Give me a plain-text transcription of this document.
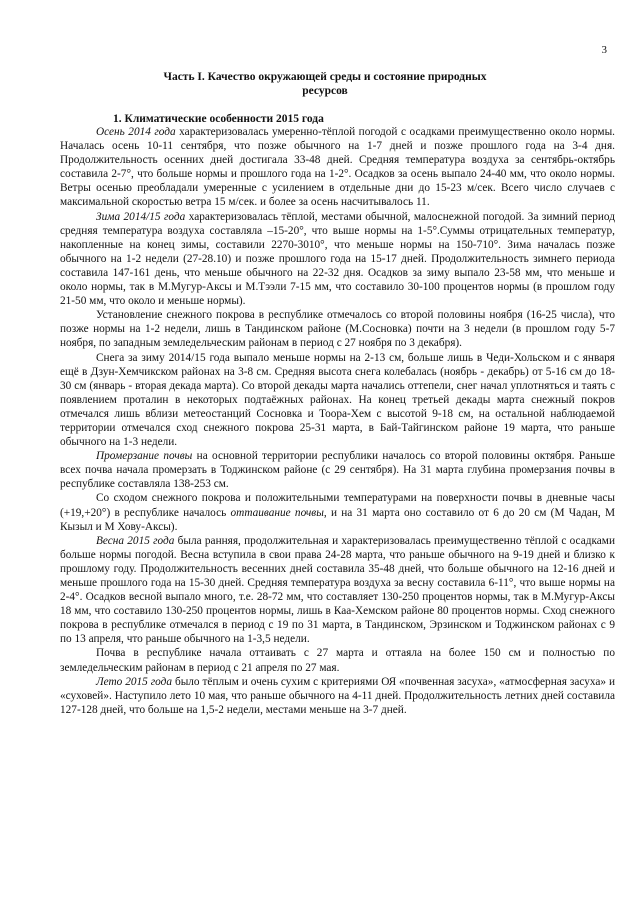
3
Часть I. Качество окружающей среды и состояние природных
ресурсов
1. Климатические особенности 2015 года

Осень 2014 года характеризовалась умеренно-тёплой погодой с осадками преимущественно около нормы. Началась осень 10-11 сентября, что позже обычного на 1-7 дней и позже прошлого года на 3-4 дня. Продолжительность осенних дней достигала 33-48 дней. Средняя температура воздуха за сентябрь-октябрь составила 2-7°, что больше нормы и прошлого года на 1-2°. Осадков за осень выпало 24-40 мм, что около нормы. Ветры осенью преобладали умеренные с усилением в отдельные дни до 15-23 м/сек. Всего число случаев с максимальной скоростью ветра 15 м/сек. и более за осень насчитывалось 11.

Зима 2014/15 года характеризовалась тёплой, местами обычной, малоснежной погодой. За зимний период средняя температура воздуха составляла –15-20°, что выше нормы на 1-5°.Суммы отрицательных температур, накопленные на конец зимы, составили 2270-3010°, что меньше нормы на 150-710°. Зима началась позже обычного на 1-2 недели (27-28.10) и позже прошлого года на 15-17 дней. Продолжительность зимнего периода составила 147-161 день, что меньше обычного на 22-32 дня. Осадков за зиму выпало 23-58 мм, что меньше и около нормы, так в М.Мугур-Аксы и М.Тээли 7-15 мм, что составило 30-100 процентов нормы (в прошлом году 21-50 мм, что около и меньше нормы).

Установление снежного покрова в республике отмечалось со второй половины ноября (16-25 числа), что позже нормы на 1-2 недели, лишь в Тандинском районе (М.Сосновка) почти на 3 недели (в прошлом году 5-7 ноября, по западным земледельческим районам в период с 27 ноября по 3 декабря).

Снега за зиму 2014/15 года выпало меньше нормы на 2-13 см, больше лишь в Чеди-Хольском и с января ещё в Дзун-Хемчикском районах на 3-8 см. Средняя высота снега колебалась (ноябрь - декабрь) от 5-16 см до 18-30 см (январь - вторая декада марта). Со второй декады марта начались оттепели, снег начал уплотняться и таять с появлением проталин в некоторых подтаёжных районах. На конец третьей декады марта снежный покров отмечался лишь вблизи метеостанций Сосновка и Тоора-Хем с высотой 9-18 см, на остальной наблюдаемой территории отмечался сход снежного покрова 25-31 марта, в Бай-Тайгинском районе 19 марта, что раньше обычного на 1-3 недели.

Промерзание почвы на основной территории республики началось со второй половины октября. Раньше всех почва начала промерзать в Тоджинском районе (с 29 сентября). На 31 марта глубина промерзания почвы в республике составляла 138-253 см.

Со сходом снежного покрова и положительными температурами на поверхности почвы в дневные часы (+19,+20°) в республике началось оттаивание почвы, и на 31 марта оно составило от 6 до 20 см (М Чадан, М Кызыл и М Хову-Аксы).

Весна 2015 года была ранняя, продолжительная и характеризовалась преимущественно тёплой с осадками больше нормы погодой. Весна вступила в свои права 24-28 марта, что раньше обычного на 9-19 дней и близко к прошлому году. Продолжительность весенних дней составила 35-48 дней, что больше обычного на 12-16 дней и меньше прошлого года на 15-30 дней. Средняя температура воздуха за весну составила 6-11°, что выше нормы на 2-4°. Осадков весной выпало много, т.е. 28-72 мм, что составляет 130-250 процентов нормы, так в М.Мугур-Аксы 18 мм, что составило 130-250 процентов нормы, лишь в Каа-Хемском районе 80 процентов нормы. Сход снежного покрова в республике отмечался в период с 19 по 31 марта, в Тандинском, Эрзинском и Тоджинском районах с 9 по 13 апреля, что раньше обычного на 1-3,5 недели.

Почва в республике начала оттаивать с 27 марта и оттаяла на более 150 см и полностью по земледельческим районам в период с 21 апреля по 27 мая.

Лето 2015 года было тёплым и очень сухим с критериями ОЯ «почвенная засуха», «атмосферная засуха» и «суховей». Наступило лето 10 мая, что раньше обычного на 4-11 дней. Продолжительность летних дней составила 127-128 дней, что больше на 1,5-2 недели, местами меньше на 3-7 дней.
